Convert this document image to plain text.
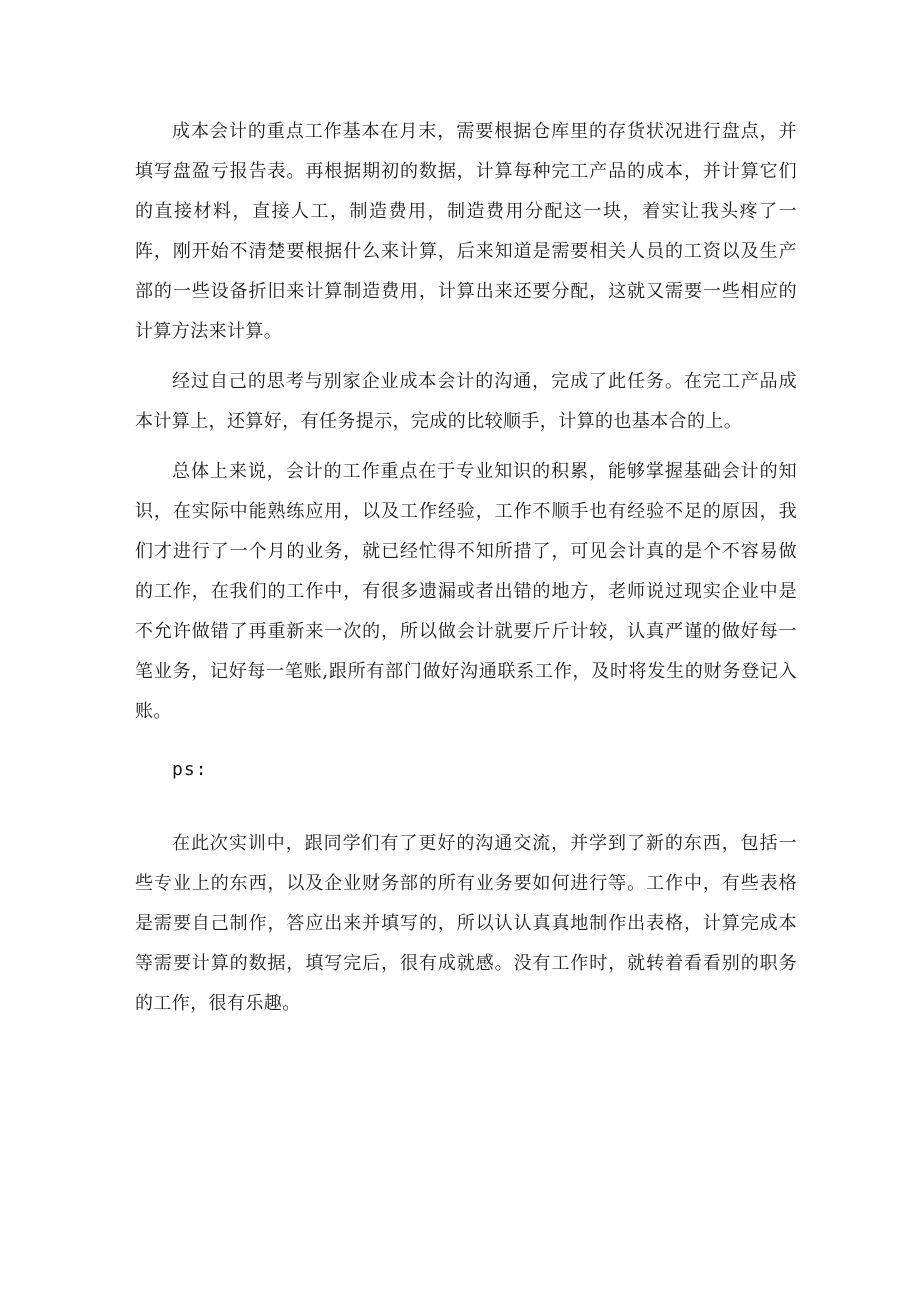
成本会计的重点工作基本在月末，需要根据仓库里的存货状况进行盘点，并填写盘盈亏报告表。再根据期初的数据，计算每种完工产品的成本，并计算它们的直接材料，直接人工，制造费用，制造费用分配这一块，着实让我头疼了一阵，刚开始不清楚要根据什么来计算，后来知道是需要相关人员的工资以及生产部的一些设备折旧来计算制造费用，计算出来还要分配，这就又需要一些相应的计算方法来计算。

经过自己的思考与别家企业成本会计的沟通，完成了此任务。在完工产品成本计算上，还算好，有任务提示，完成的比较顺手，计算的也基本合的上。

总体上来说，会计的工作重点在于专业知识的积累，能够掌握基础会计的知识，在实际中能熟练应用，以及工作经验，工作不顺手也有经验不足的原因，我们才进行了一个月的业务，就已经忙得不知所措了，可见会计真的是个不容易做的工作，在我们的工作中，有很多遗漏或者出错的地方，老师说过现实企业中是不允许做错了再重新来一次的，所以做会计就要斤斤计较，认真严谨的做好每一笔业务，记好每一笔账,跟所有部门做好沟通联系工作，及时将发生的财务登记入账。

ps:

在此次实训中，跟同学们有了更好的沟通交流，并学到了新的东西，包括一些专业上的东西，以及企业财务部的所有业务要如何进行等。工作中，有些表格是需要自己制作，答应出来并填写的，所以认认真真地制作出表格，计算完成本等需要计算的数据，填写完后，很有成就感。没有工作时，就转着看看别的职务的工作，很有乐趣。
